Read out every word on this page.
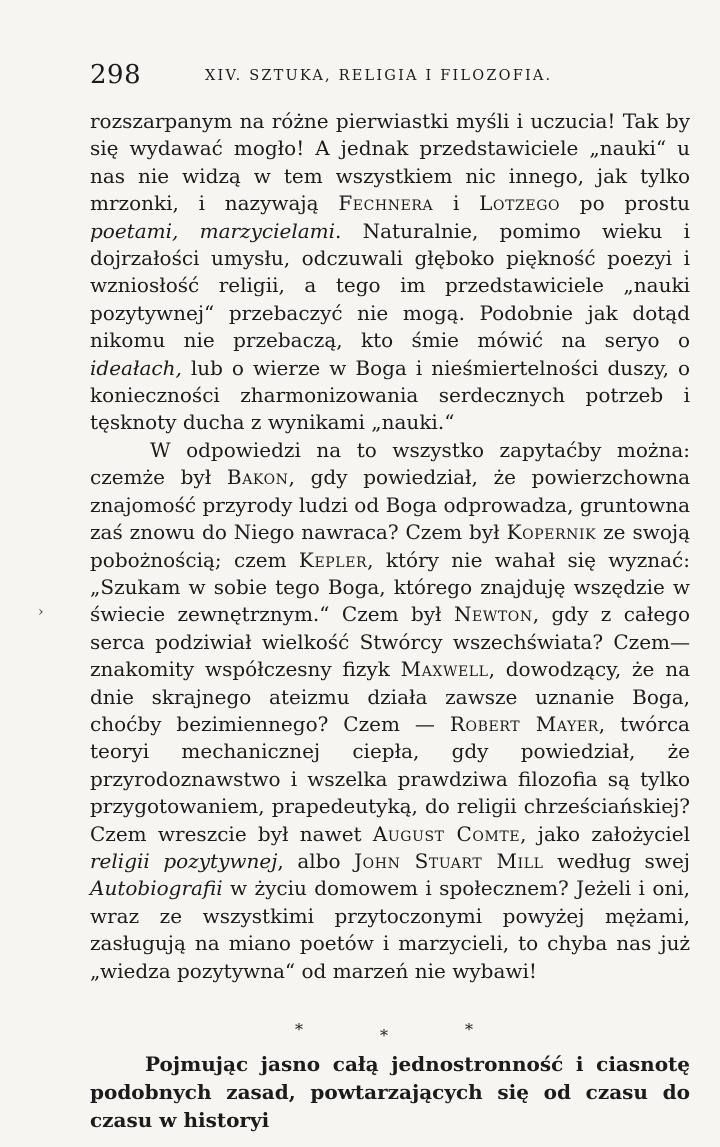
298	XIV. SZTUKA, RELIGIA I FILOZOFIA.
›

rozszarpanym na różne pierwiastki myśli i uczucia! Tak by się wydawać mogło! A jednak przedstawiciele „nauki“ u nas nie widzą w tem wszystkiem nic innego, jak tylko mrzonki, i nazywają Fechnera i Lotzego po prostu poetami, marzycielami. Naturalnie, pomimo wieku i dojrzałości umysłu, odczuwali głęboko piękność poezyi i wzniosłość religii, a tego im przedstawiciele „nauki pozytywnej“ przebaczyć nie mogą. Podobnie jak dotąd nikomu nie przebaczą, kto śmie mówić na seryo o ideałach, lub o wierze w Boga i nieśmiertelności duszy, o konieczności zharmonizowania serdecznych potrzeb i tęsknoty ducha z wynikami „nauki.“

W odpowiedzi na to wszystko zapytaćby można: czemże był Bakon, gdy powiedział, że powierzchowna znajomość przyrody ludzi od Boga odprowadza, gruntowna zaś znowu do Niego nawraca? Czem był Kopernik ze swoją pobożnością; czem Kepler, który nie wahał się wyznać: „Szukam w sobie tego Boga, którego znajduję wszędzie w świecie zewnętrznym.“ Czem był Newton, gdy z całego serca podziwiał wielkość Stwórcy wszechświata? Czem—znakomity współczesny fizyk Maxwell, dowodzący, że na dnie skrajnego ateizmu działa zawsze uznanie Boga, choćby bezimiennego? Czem — Robert Mayer, twórca teoryi mechanicznej ciepła, gdy powiedział, że przyrodoznawstwo i wszelka prawdziwa filozofia są tylko przygotowaniem, prapedeutyką, do religii chrześciańskiej? Czem wreszcie był nawet August Comte, jako założyciel religii pozytywnej, albo John Stuart Mill według swej Autobiografii w życiu domowem i społecznem? Jeżeli i oni, wraz ze wszystkimi przytoczonymi powyżej mężami, zasługują na miano poetów i marzycieli, to chyba nas już „wiedza pozytywna“ od marzeń nie wybawi!

*	*	*

Pojmując jasno całą jednostronność i ciasnotę podobnych zasad, powtarzających się od czasu do czasu w historyi
